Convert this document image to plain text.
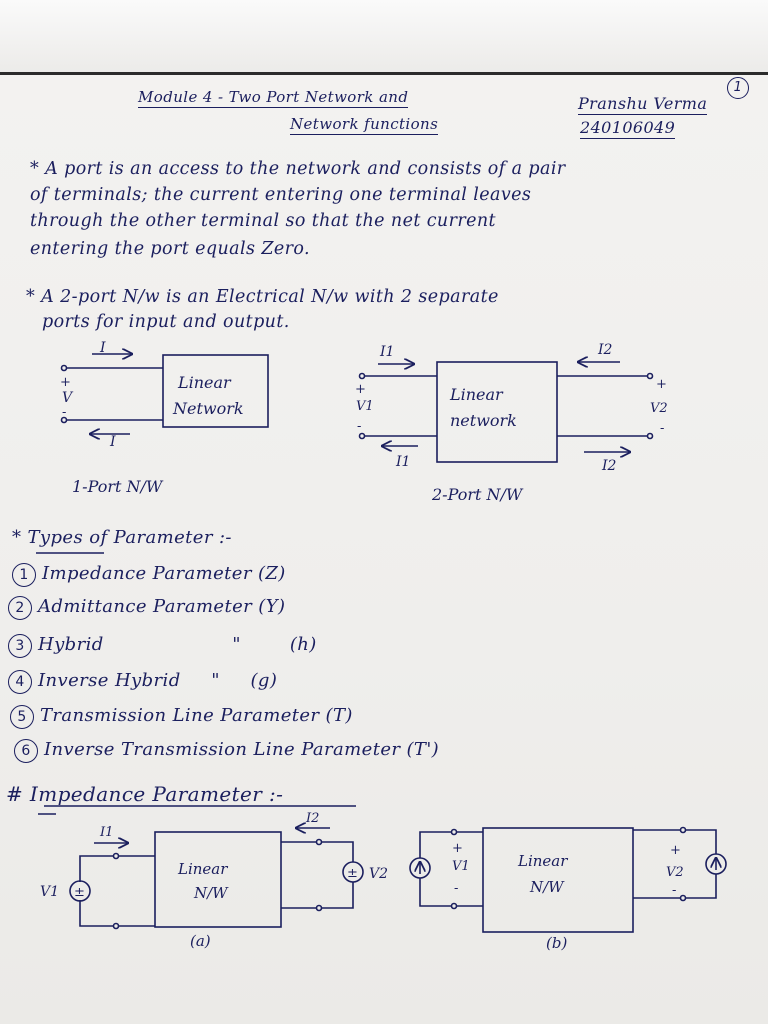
Module 4 - Two Port Network and
Network functions
Pranshu Verma
240106049
1
* A port is an access to the network and consists of a pair
of terminals; the current entering one terminal leaves
through the other terminal so that the net current
entering the port equals Zero.
* A 2-port N/w is an Electrical N/w with 2 separate
ports for input and output.
Linear
Network
I
I
+
V
-
1-Port N/W
Linear
network
I1
I1
I2
I2
+
V1
-
+
V2
-
2-Port N/W
Linear
N/W
I1
I2
V1
V2
±
±
(a)
Linear
N/W
+
V1
-
+
V2
-
(b)
* Types of Parameter :-
1 Impedance Parameter (Z)
2 Admittance Parameter (Y)
3 Hybrid                     "        (h)
4 Inverse Hybrid     "     (g)
5 Transmission Line Parameter (T)
6 Inverse Transmission Line Parameter (T')
# Impedance Parameter :-
